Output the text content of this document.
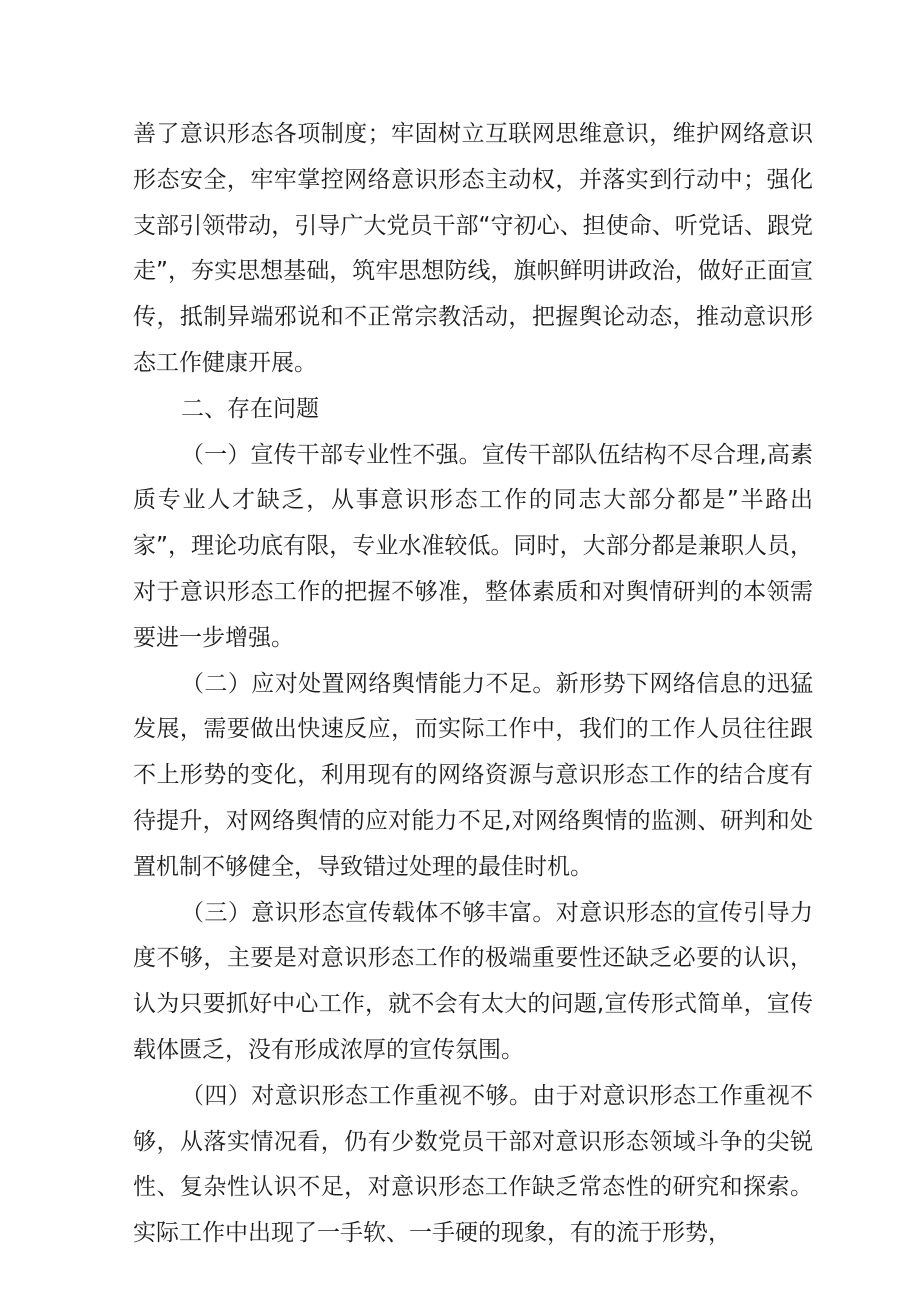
善了意识形态各项制度；牢固树立互联网思维意识，维护网络意识形态安全，牢牢掌控网络意识形态主动权，并落实到行动中；强化支部引领带动，引导广大党员干部“守初心、担使命、听党话、跟党走”，夯实思想基础，筑牢思想防线，旗帜鲜明讲政治，做好正面宣传，抵制异端邪说和不正常宗教活动，把握舆论动态，推动意识形态工作健康开展。

二、存在问题

（一）宣传干部专业性不强。宣传干部队伍结构不尽合理,高素质专业人才缺乏，从事意识形态工作的同志大部分都是”半路出家”，理论功底有限，专业水准较低。同时，大部分都是兼职人员，对于意识形态工作的把握不够准，整体素质和对舆情研判的本领需要进一步增强。

（二）应对处置网络舆情能力不足。新形势下网络信息的迅猛发展，需要做出快速反应，而实际工作中，我们的工作人员往往跟不上形势的变化，利用现有的网络资源与意识形态工作的结合度有待提升，对网络舆情的应对能力不足,对网络舆情的监测、研判和处置机制不够健全，导致错过处理的最佳时机。

（三）意识形态宣传载体不够丰富。对意识形态的宣传引导力度不够，主要是对意识形态工作的极端重要性还缺乏必要的认识，认为只要抓好中心工作，就不会有太大的问题,宣传形式简单，宣传载体匮乏，没有形成浓厚的宣传氛围。

（四）对意识形态工作重视不够。由于对意识形态工作重视不够，从落实情况看，仍有少数党员干部对意识形态领域斗争的尖锐性、复杂性认识不足，对意识形态工作缺乏常态性的研究和探索。实际工作中出现了一手软、一手硬的现象，有的流于形势，
